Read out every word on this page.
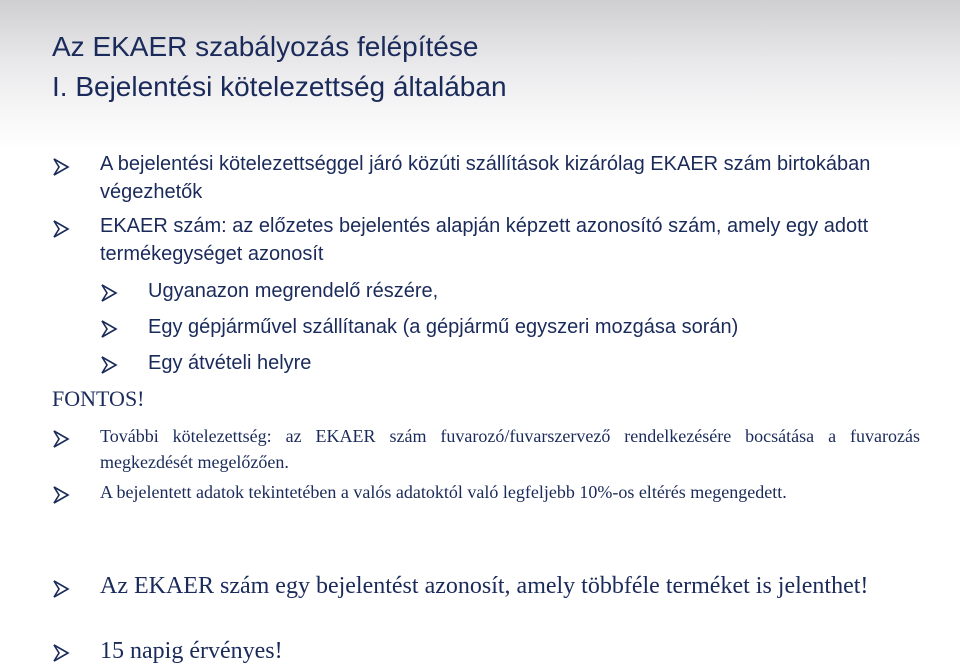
Az EKAER szabályozás felépítése
I. Bejelentési kötelezettség általában

A bejelentési kötelezettséggel járó közúti szállítások kizárólag EKAER szám birtokában végezhetők

EKAER szám: az előzetes bejelentés alapján képzett azonosító szám, amely egy adott termékegységet azonosít

Ugyanazon megrendelő részére,

Egy gépjárművel szállítanak (a gépjármű egyszeri mozgása során)

Egy átvételi helyre

FONTOS!

További kötelezettség: az EKAER szám fuvarozó/fuvarszervező rendelkezésére bocsátása a fuvarozás megkezdését megelőzően.

A bejelentett adatok tekintetében a valós adatoktól való legfeljebb 10%-os eltérés megengedett.

Az EKAER szám egy bejelentést azonosít, amely többféle terméket is jelenthet!

15 napig érvényes!
